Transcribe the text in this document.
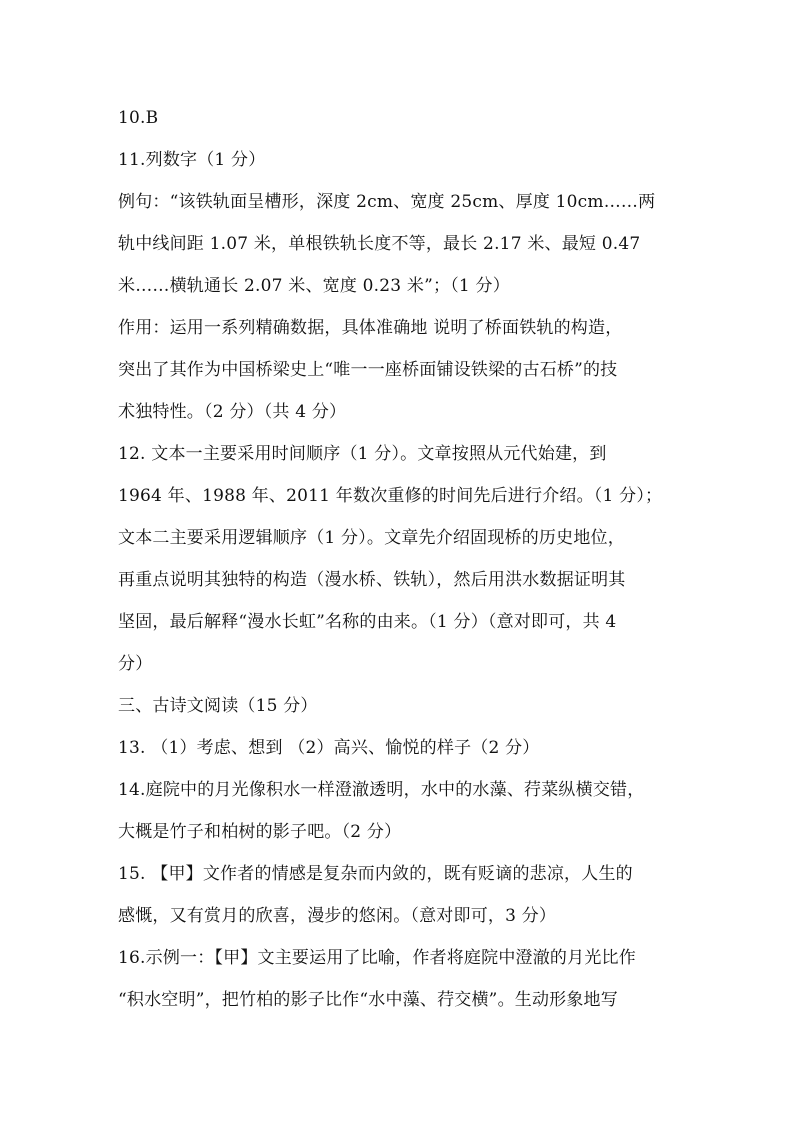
10.B
11.列数字（1 分）
例句：“该铁轨面呈槽形，深度 2cm、宽度 25cm、厚度 10cm……两
轨中线间距 1.07 米，单根铁轨长度不等，最长 2.17 米、最短 0.47
米……横轨通长 2.07 米、宽度 0.23 米”；（1 分）
作用：运用一系列精确数据，具体准确地 说明了桥面铁轨的构造，
突出了其作为中国桥梁史上“唯一一座桥面铺设铁梁的古石桥”的技
术独特性。（2 分）（共 4 分）
12. 文本一主要采用时间顺序（1 分）。文章按照从元代始建，到
1964 年、1988 年、2011 年数次重修的时间先后进行介绍。（1 分）；
文本二主要采用逻辑顺序（1 分）。文章先介绍固现桥的历史地位，
再重点说明其独特的构造（漫水桥、铁轨），然后用洪水数据证明其
坚固，最后解释“漫水长虹”名称的由来。（1 分）（意对即可，共 4
分）
三、古诗文阅读（15 分）
13. （1）考虑、想到 （2）高兴、愉悦的样子（2 分）
14.庭院中的月光像积水一样澄澈透明，水中的水藻、荇菜纵横交错，
大概是竹子和柏树的影子吧。（2 分）
15. 【甲】文作者的情感是复杂而内敛的，既有贬谪的悲凉，人生的
感慨，又有赏月的欣喜，漫步的悠闲。（意对即可，3 分）
16.示例一：【甲】文主要运用了比喻，作者将庭院中澄澈的月光比作
“积水空明”，把竹柏的影子比作“水中藻、荇交横”。生动形象地写
